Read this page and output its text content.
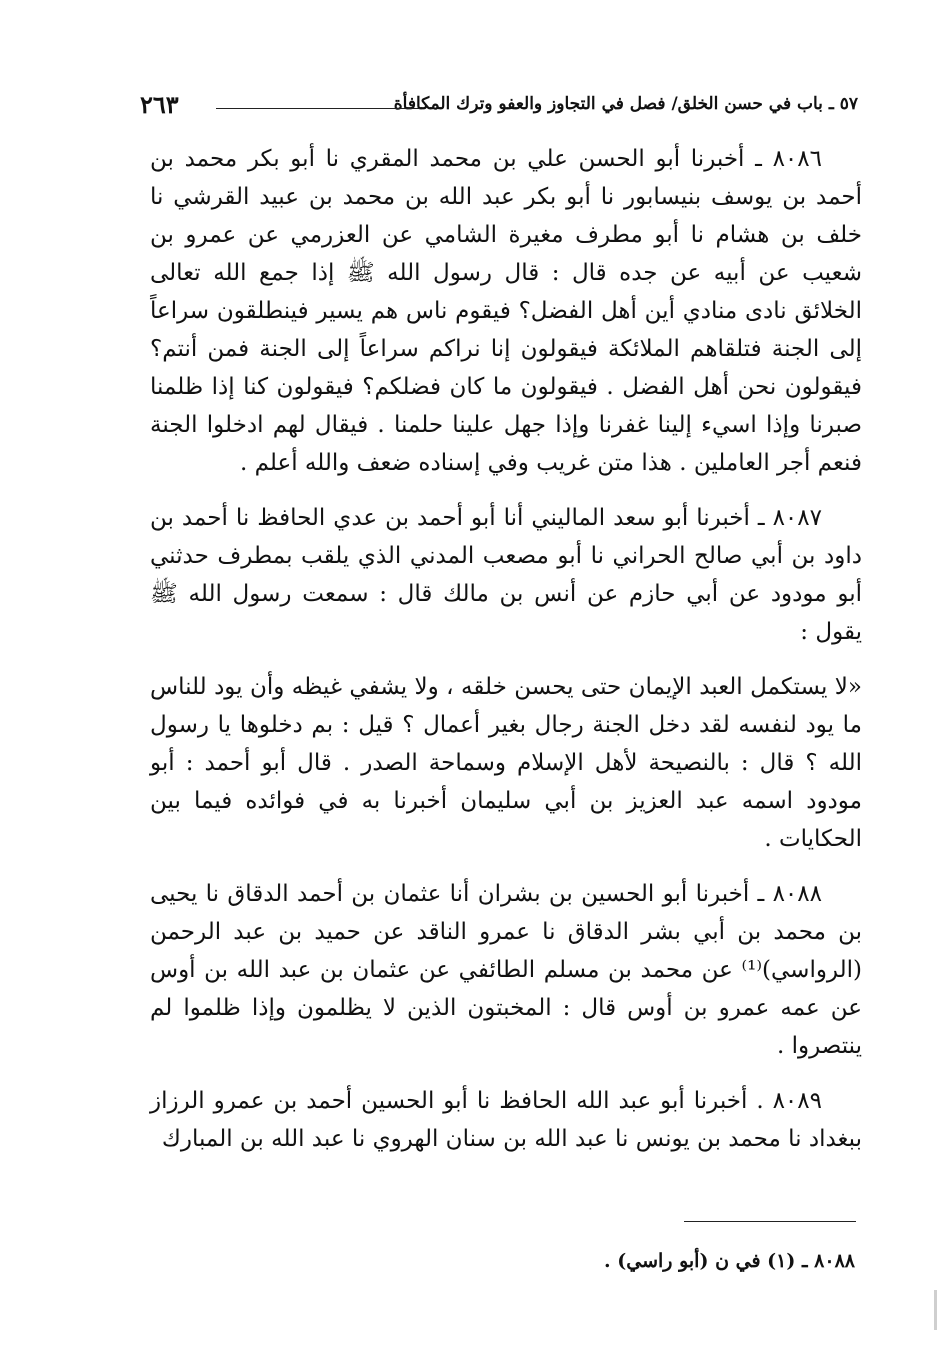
٥٧ ـ باب في حسن الخلق/ فصل في التجاوز والعفو وترك المكافأة
٢٦٣

٨٠٨٦ ـ أخبرنا أبو الحسن علي بن محمد المقري نا أبو بكر محمد بن أحمد بن يوسف بنيسابور نا أبو بكر عبد الله بن محمد بن عبيد القرشي نا خلف بن هشام نا أبو مطرف مغيرة الشامي عن العزرمي عن عمرو بن شعيب عن أبيه عن جده قال : قال رسول الله ﷺ إذا جمع الله تعالى الخلائق نادى منادي أين أهل الفضل؟ فيقوم ناس هم يسير فينطلقون سراعاً إلى الجنة فتلقاهم الملائكة فيقولون إنا نراكم سراعاً إلى الجنة فمن أنتم؟ فيقولون نحن أهل الفضل . فيقولون ما كان فضلكم؟ فيقولون كنا إذا ظلمنا صبرنا وإذا اسيء إلينا غفرنا وإذا جهل علينا حلمنا . فيقال لهم ادخلوا الجنة فنعم أجر العاملين . هذا متن غريب وفي إسناده ضعف والله أعلم .

٨٠٨٧ ـ أخبرنا أبو سعد الماليني أنا أبو أحمد بن عدي الحافظ نا أحمد بن داود بن أبي صالح الحراني نا أبو مصعب المدني الذي يلقب بمطرف حدثني أبو مودود عن أبي حازم عن أنس بن مالك قال : سمعت رسول الله ﷺ يقول :

«لا يستكمل العبد الإيمان حتى يحسن خلقه ، ولا يشفي غيظه وأن يود للناس ما يود لنفسه لقد دخل الجنة رجال بغير أعمال ؟ قيل : بم دخلوها يا رسول الله ؟ قال : بالنصيحة لأهل الإسلام وسماحة الصدر . قال أبو أحمد : أبو مودود اسمه عبد العزيز بن أبي سليمان أخبرنا به في فوائده فيما بين الحكايات .

٨٠٨٨ ـ أخبرنا أبو الحسين بن بشران أنا عثمان بن أحمد الدقاق نا يحيى بن محمد بن أبي بشر الدقاق نا عمرو الناقد عن حميد بن عبد الرحمن (الرواسي)⁽¹⁾ عن محمد بن مسلم الطائفي عن عثمان بن عبد الله بن أوس عن عمه عمرو بن أوس قال : المخبتون الذين لا يظلمون وإذا ظلموا لم ينتصروا .

٨٠٨٩ . أخبرنا أبو عبد الله الحافظ نا أبو الحسين أحمد بن عمرو الرزاز ببغداد نا محمد بن يونس نا عبد الله بن سنان الهروي نا عبد الله بن المبارك

٨٠٨٨ ـ (١) في ن (أبو راسي) .
